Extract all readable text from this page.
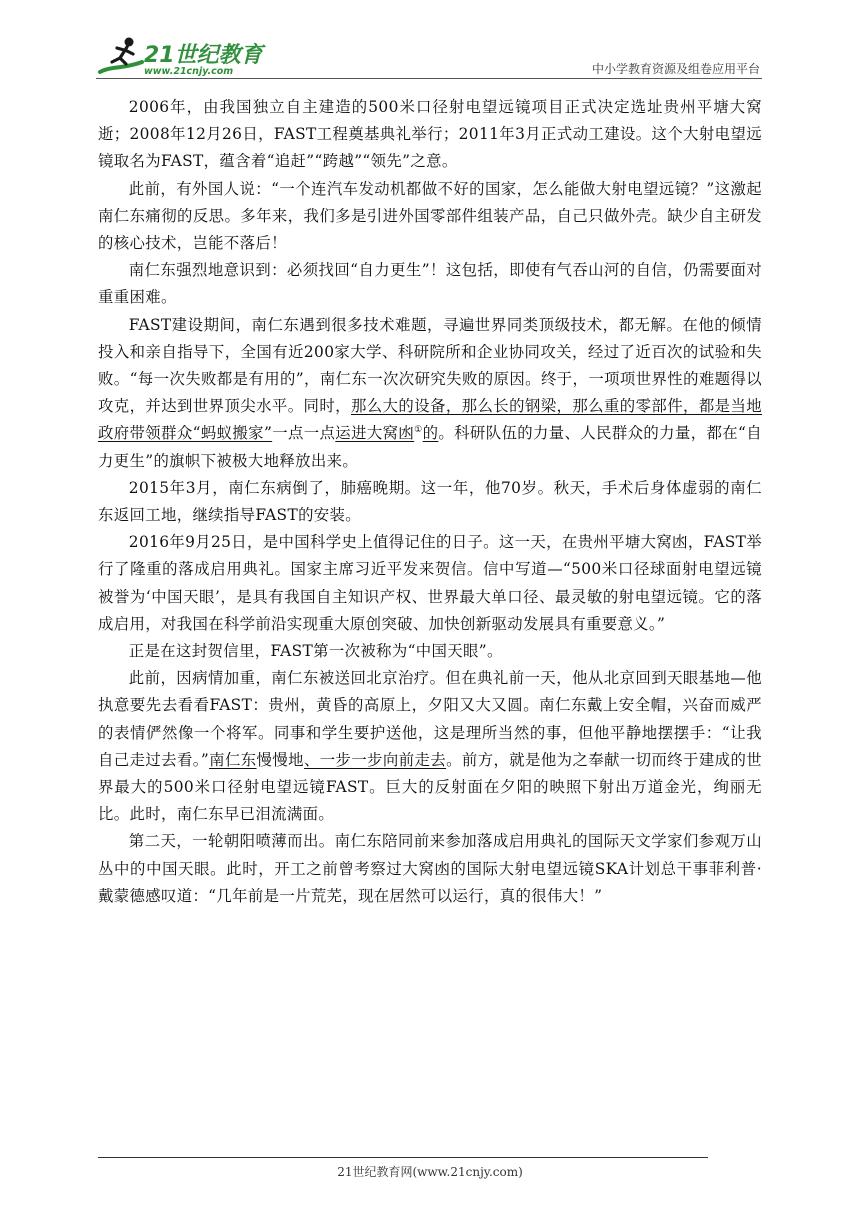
21世纪教育
www.21cnjy.com	中小学教育资源及组卷应用平台

2006年，由我国独立自主建造的500米口径射电望远镜项目正式决定选址贵州平塘大窝逝；2008年12月26日，FAST工程奠基典礼举行；2011年3月正式动工建设。这个大射电望远镜取名为FAST，蕴含着“追赶”“跨越”“领先”之意。

此前，有外国人说：“一个连汽车发动机都做不好的国家，怎么能做大射电望远镜？”这激起南仁东痛彻的反思。多年来，我们多是引进外国零部件组装产品，自己只做外壳。缺少自主研发的核心技术，岂能不落后！

南仁东强烈地意识到：必须找回“自力更生”！这包括，即使有气吞山河的自信，仍需要面对重重困难。

FAST建设期间，南仁东遇到很多技术难题，寻遍世界同类顶级技术，都无解。在他的倾情投入和亲自指导下，全国有近200家大学、科研院所和企业协同攻关，经过了近百次的试验和失败。“每一次失败都是有用的”，南仁东一次次研究失败的原因。终于，一项项世界性的难题得以攻克，并达到世界顶尖水平。同时，那么大的设备，那么长的钢梁，那么重的零部件，都是当地政府带领群众“蚂蚁搬家”一点一点运进大窝凼①的。科研队伍的力量、人民群众的力量，都在“自力更生”的旗帜下被极大地释放出来。

2015年3月，南仁东病倒了，肺癌晚期。这一年，他70岁。秋天，手术后身体虚弱的南仁东返回工地，继续指导FAST的安装。

2016年9月25日，是中国科学史上值得记住的日子。这一天，在贵州平塘大窝凼，FAST举行了隆重的落成启用典礼。国家主席习近平发来贺信。信中写道—“500米口径球面射电望远镜被誉为‘中国天眼’，是具有我国自主知识产权、世界最大单口径、最灵敏的射电望远镜。它的落成启用，对我国在科学前沿实现重大原创突破、加快创新驱动发展具有重要意义。”

正是在这封贺信里，FAST第一次被称为“中国天眼”。

此前，因病情加重，南仁东被送回北京治疗。但在典礼前一天，他从北京回到天眼基地—他执意要先去看看FAST：贵州，黄昏的高原上，夕阳又大又圆。南仁东戴上安全帽，兴奋而威严的表情俨然像一个将军。同事和学生要护送他，这是理所当然的事，但他平静地摆摆手：“让我自己走过去看。”南仁东慢慢地、一步一步向前走去。前方，就是他为之奉献一切而终于建成的世界最大的500米口径射电望远镜FAST。巨大的反射面在夕阳的映照下射出万道金光，绚丽无比。此时，南仁东早已泪流满面。

第二天，一轮朝阳喷薄而出。南仁东陪同前来参加落成启用典礼的国际天文学家们参观万山丛中的中国天眼。此时，开工之前曾考察过大窝凼的国际大射电望远镜SKA计划总干事菲利普·戴蒙德感叹道：“几年前是一片荒芜，现在居然可以运行，真的很伟大！”

21世纪教育网(www.21cnjy.com)
